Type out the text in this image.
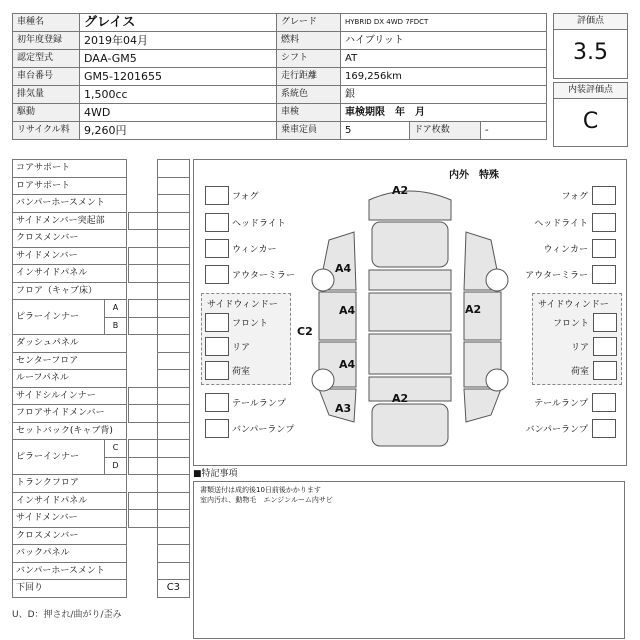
車種名	グレイス	グレード	HYBRID DX 4WD 7FDCT		
初年度登録	2019年04月	燃料	ハイブリット		
認定型式	DAA-GM5	シフト	AT		
車台番号	GM5-1201655	走行距離	169,256km		
排気量	1,500cc	系統色	銀		
駆動	4WD	車検	車検期限　年　月		
リサイクル料	9,260円	乗車定員	5	ドア枚数	-
評価点
3.5
内装評価点
C
コアサポート				
ロアサポート				
バンパーホースメント				
サイドメンバー突起部				
クロスメンバー				
サイドメンバー				
インサイドパネル				
フロア（キャブ床）				
ピラーインナー	A			
	B			
ダッシュパネル				
センターフロア				
ルーフパネル				
サイドシルインナー				
フロアサイドメンバー				
セットバック(キャブ背)				
ピラーインナー	C			
	D			
トランクフロア				
インサイドパネル				
サイドメンバー				
クロスメンバー				
バックパネル				
バンパーホースメント				
下回り				C3
U、D：押され/曲がり/歪み
内外　特殊
フォグ
ヘッドライト
ウィンカー
アウターミラー
サイドウィンドー
フロント
リア
荷室
テールランプ
バンパーランプ
フォグ
ヘッドライト
ウィンカー
アウターミラー
サイドウィンドー
フロント
リア
荷室
テールランプ
バンパーランプ
A2
A4
A2
A4
C2
A4
A3
A2
■特記事項
書類送付は成約後10日前後かかります
室内汚れ、動物毛　エンジンルーム内サビ
